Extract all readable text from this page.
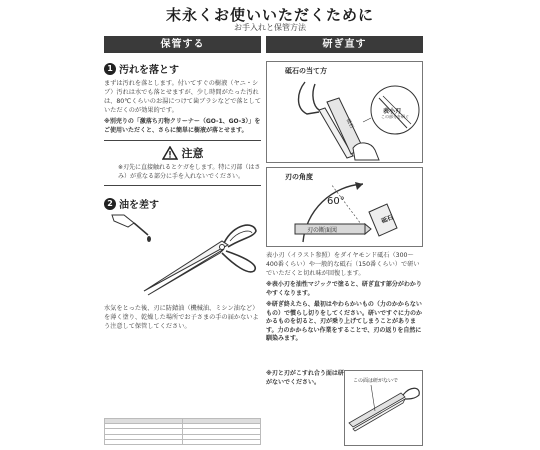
末永くお使いいただくために
お手入れと保管方法
保管する
1 汚れを落とす
まずは汚れを落とします。付いてすぐの樹液（ヤニ・シブ）汚れは水でも落とせますが、少し時間がたった汚れは、80℃くらいのお湯につけて歯ブラシなどで落としていただくのが効果的です。
※別売りの「激落ち刃物クリーナー（GO-1、GO-3）」をご使用いただくと、さらに簡単に樹液が落とせます。
注意
※刃先に直接触れるとケガをします。特に刃部（はさみ）が重なる部分に手を入れないでください。
2 油を差す
水気をとった後、刃に防錆油（機械油、ミシン油など）を薄く塗り、乾燥した場所でお子さまの手の届かないよう注意して保管してください。

研ぎ直す
砥石の当て方
砥石
表小刃
この部分を研ぐ
刃の角度
60°
砥石
刃の断面図
表小刃（イラスト参照）をダイヤモンド砥石（300〜400番くらい）や一般的な砥石（150番くらい）で研いでいただくと切れ味が回復します。
※表小刃を油性マジックで塗ると、研ぎ直す部分がわかりやすくなります。
※研ぎ終えたら、最初はやわらかいもの（力のかからないもの）で慣らし切りをしてください。研いですぐに力のかかるものを切ると、刃が乗り上げてしまうことがあります。力のかからない作業をすることで、刃の返りを自然に馴染みます。
※刃と刃がこすれ合う面は研がないでください。	この面は研がないで
